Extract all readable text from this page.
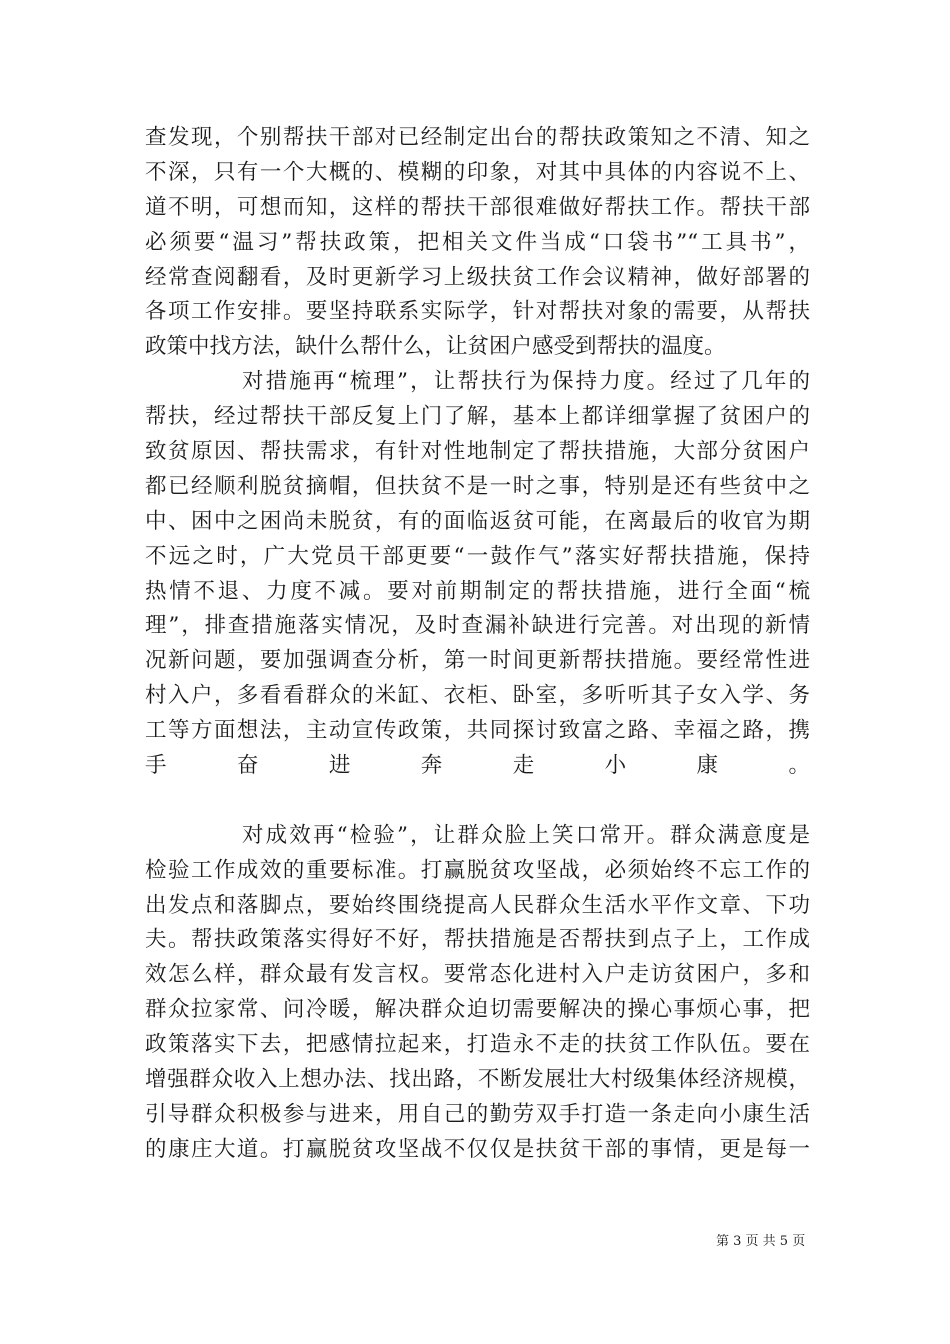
查发现，个别帮扶干部对已经制定出台的帮扶政策知之不清、知之
不深，只有一个大概的、模糊的印象，对其中具体的内容说不上、
道不明，可想而知，这样的帮扶干部很难做好帮扶工作。帮扶干部
必须要“温习”帮扶政策，把相关文件当成“口袋书”“工具书”，
经常查阅翻看，及时更新学习上级扶贫工作会议精神，做好部署的
各项工作安排。要坚持联系实际学，针对帮扶对象的需要，从帮扶
政策中找方法，缺什么帮什么，让贫困户感受到帮扶的温度。
对措施再“梳理”，让帮扶行为保持力度。经过了几年的
帮扶，经过帮扶干部反复上门了解，基本上都详细掌握了贫困户的
致贫原因、帮扶需求，有针对性地制定了帮扶措施，大部分贫困户
都已经顺利脱贫摘帽，但扶贫不是一时之事，特别是还有些贫中之
中、困中之困尚未脱贫，有的面临返贫可能，在离最后的收官为期
不远之时，广大党员干部更要“一鼓作气”落实好帮扶措施，保持
热情不退、力度不减。要对前期制定的帮扶措施，进行全面“梳
理”，排查措施落实情况，及时查漏补缺进行完善。对出现的新情
况新问题，要加强调查分析，第一时间更新帮扶措施。要经常性进
村入户，多看看群众的米缸、衣柜、卧室，多听听其子女入学、务
工等方面想法，主动宣传政策，共同探讨致富之路、幸福之路，携
手奋进奔走小康。
对成效再“检验”，让群众脸上笑口常开。群众满意度是
检验工作成效的重要标准。打赢脱贫攻坚战，必须始终不忘工作的
出发点和落脚点，要始终围绕提高人民群众生活水平作文章、下功
夫。帮扶政策落实得好不好，帮扶措施是否帮扶到点子上，工作成
效怎么样，群众最有发言权。要常态化进村入户走访贫困户，多和
群众拉家常、问冷暖，解决群众迫切需要解决的操心事烦心事，把
政策落实下去，把感情拉起来，打造永不走的扶贫工作队伍。要在
增强群众收入上想办法、找出路，不断发展壮大村级集体经济规模，
引导群众积极参与进来，用自己的勤劳双手打造一条走向小康生活
的康庄大道。打赢脱贫攻坚战不仅仅是扶贫干部的事情，更是每一
第 3 页 共 5 页
